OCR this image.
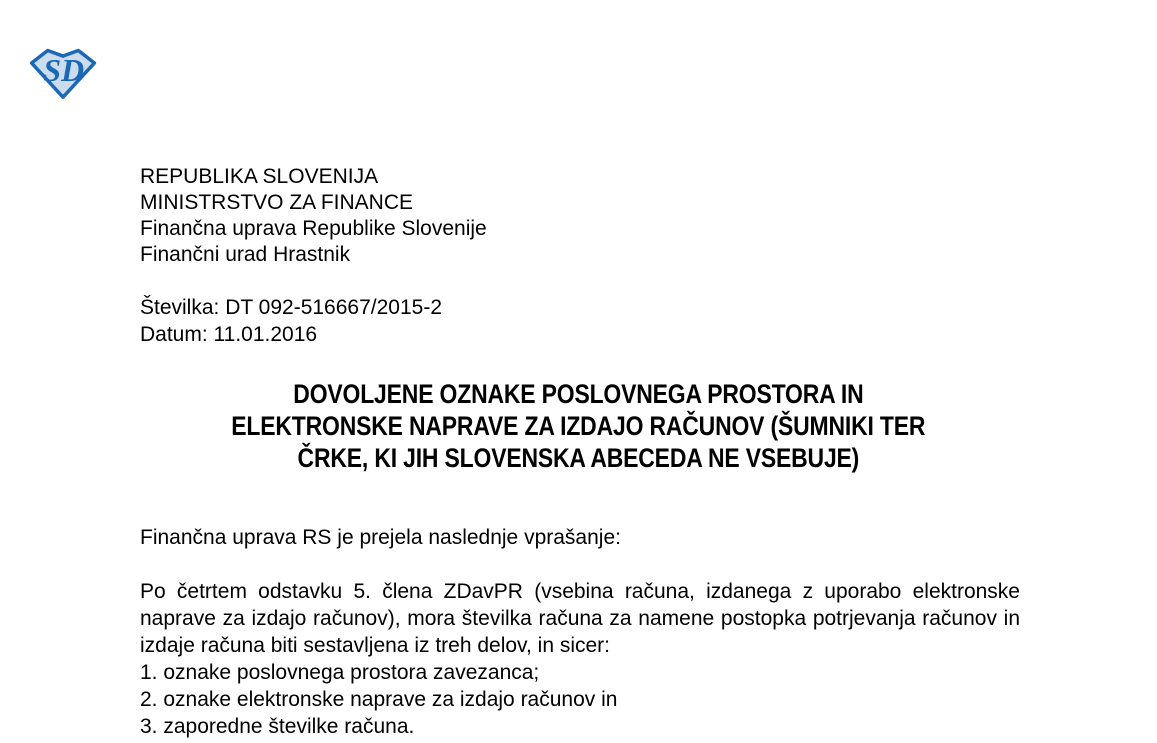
SD
REPUBLIKA SLOVENIJA
MINISTRSTVO ZA FINANCE
Finančna uprava Republike Slovenije
Finančni urad Hrastnik
Številka: DT 092-516667/2015-2
Datum: 11.01.2016
DOVOLJENE OZNAKE POSLOVNEGA PROSTORA IN
ELEKTRONSKE NAPRAVE ZA IZDAJO RAČUNOV (ŠUMNIKI TER
ČRKE, KI JIH SLOVENSKA ABECEDA NE VSEBUJE)

Finančna uprava RS je prejela naslednje vprašanje:

Po četrtem odstavku 5. člena ZDavPR (vsebina računa, izdanega z uporabo elektronske naprave za izdajo računov), mora številka računa za namene postopka potrjevanja računov in izdaje računa biti sestavljena iz treh delov, in sicer:

1. oznake poslovnega prostora zavezanca;
2. oznake elektronske naprave za izdajo računov in
3. zaporedne številke računa.
